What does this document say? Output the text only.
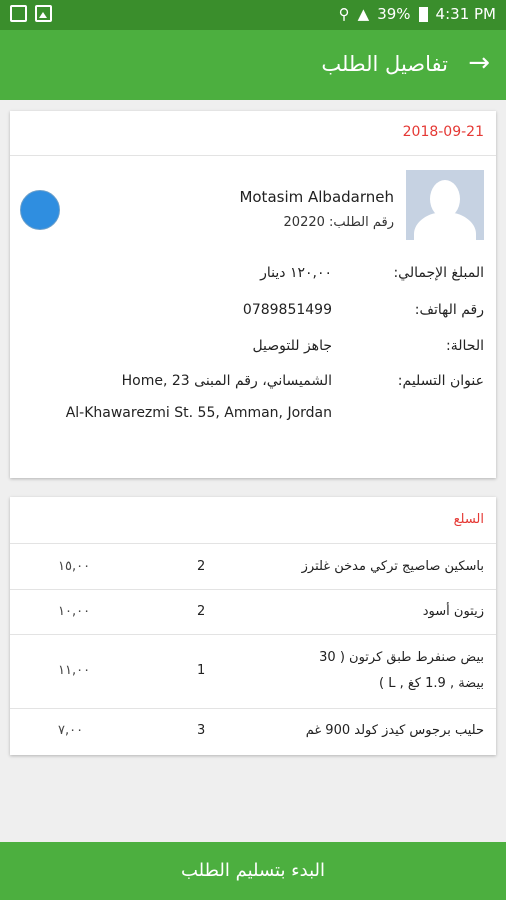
⚲ ▲ 39% 4:31 PM
تفاصيل الطلب →
2018-09-21
Motasim Albadarneh
رقم الطلب: 20220
المبلغ الإجمالي:
١٢٠,٠٠ دينار
رقم الهاتف:
0789851499
الحالة:
جاهز للتوصيل
عنوان التسليم:
الشميساني، رقم المبنى Home, 23
Al-Khawarezmi St. 55, Amman, Jordan
السلع
باسكين صاصيج تركي مدخن غلترز
2
١٥,٠٠
زيتون أسود
2
١٠,٠٠
بيض صنفرط طبق كرتون ( 30
بيضة , 1.9 كغ , L )
1
١١,٠٠
حليب برجوس كيدز كولد 900 غم
3
٧,٠٠
البدء بتسليم الطلب
